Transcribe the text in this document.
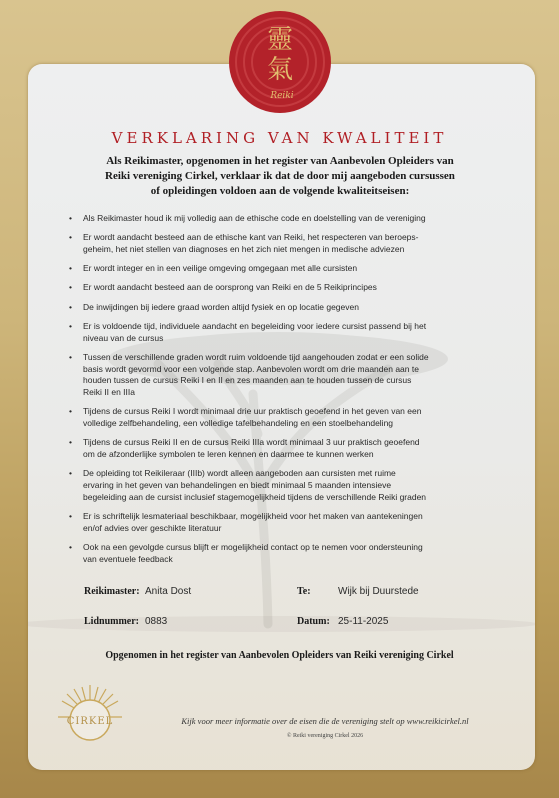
靈
氣
Reiki
VERKLARING VAN KWALITEIT
Als Reikimaster, opgenomen in het register van Aanbevolen Opleiders van
Reiki vereniging Cirkel, verklaar ik dat de door mij aangeboden cursussen
of opleidingen voldoen aan de volgende kwaliteitseisen:
• Als Reikimaster houd ik mij volledig aan de ethische code en doelstelling van de vereniging
• Er wordt aandacht besteed aan de ethische kant van Reiki, het respecteren van beroeps-
geheim, het niet stellen van diagnoses en het zich niet mengen in medische adviezen
• Er wordt integer en in een veilige omgeving omgegaan met alle cursisten
• Er wordt aandacht besteed aan de oorsprong van Reiki en de 5 Reikiprincipes
• De inwijdingen bij iedere graad worden altijd fysiek en op locatie gegeven
• Er is voldoende tijd, individuele aandacht en begeleiding voor iedere cursist passend bij het
niveau van de cursus
• Tussen de verschillende graden wordt ruim voldoende tijd aangehouden zodat er een solide
basis wordt gevormd voor een volgende stap. Aanbevolen wordt om drie maanden aan te
houden tussen de cursus Reiki I en II en zes maanden aan te houden tussen de cursus
Reiki II en IIIa
• Tijdens de cursus Reiki I wordt minimaal drie uur praktisch geoefend in het geven van een
volledige zelfbehandeling, een volledige tafelbehandeling en een stoelbehandeling
• Tijdens de cursus Reiki II en de cursus Reiki IIIa wordt minimaal 3 uur praktisch geoefend
om de afzonderlijke symbolen te leren kennen en daarmee te kunnen werken
• De opleiding tot Reikileraar (IIIb) wordt alleen aangeboden aan cursisten met ruime
ervaring in het geven van behandelingen en biedt minimaal 5 maanden intensieve
begeleiding aan de cursist inclusief stagemogelijkheid tijdens de verschillende Reiki graden
• Er is schriftelijk lesmateriaal beschikbaar, mogelijkheid voor het maken van aantekeningen
en/of advies over geschikte literatuur
• Ook na een gevolgde cursus blijft er mogelijkheid contact op te nemen voor ondersteuning
van eventuele feedback
Reikimaster: Anita Dost	Te:	Wijk bij Duurstede
Lidnummer: 0883	Datum: 25-11-2025
Opgenomen in het register van Aanbevolen Opleiders van Reiki vereniging Cirkel
CIRKEL	Kijk voor meer informatie over de eisen die de vereniging stelt op www.reikicirkel.nl
© Reiki vereniging Cirkel 2026
